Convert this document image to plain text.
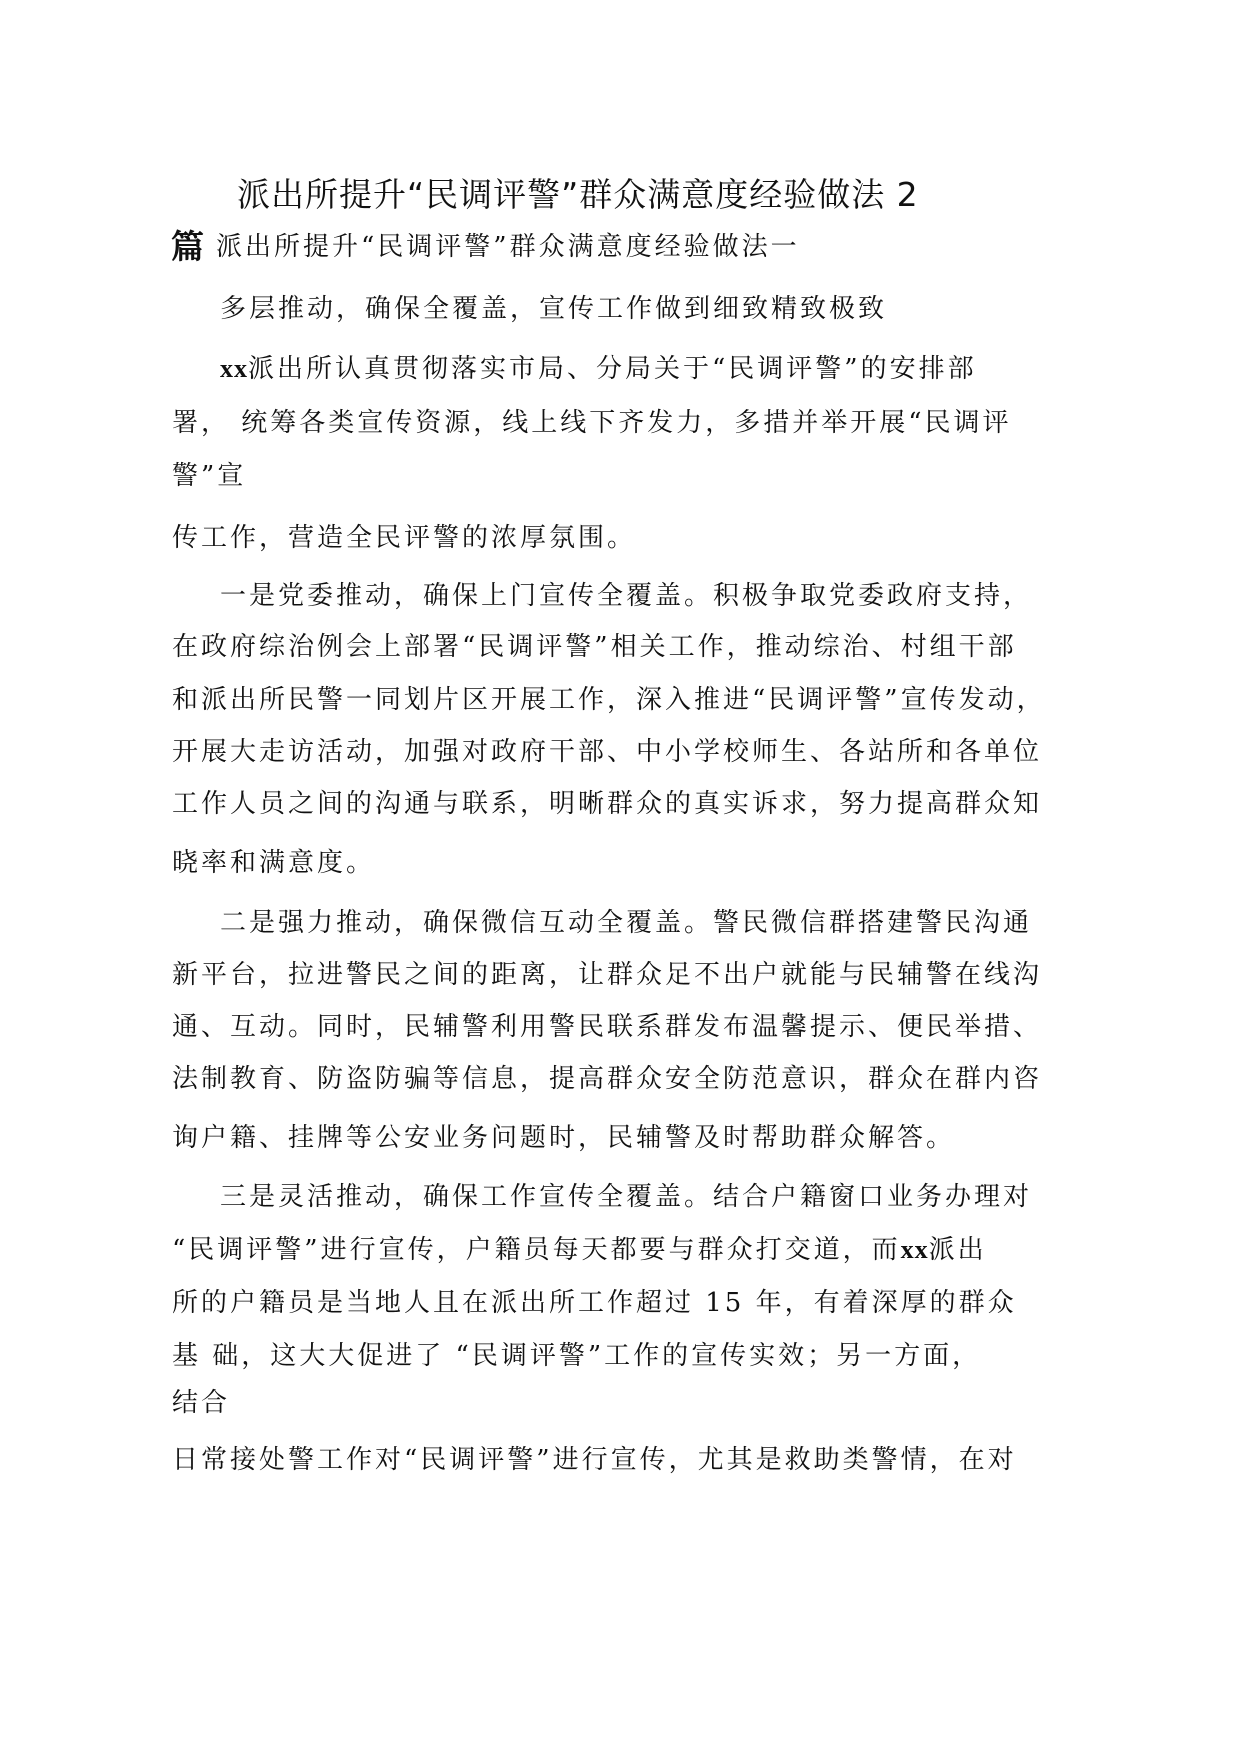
派出所提升“民调评警”群众满意度经验做法 2
篇 派出所提升“民调评警”群众满意度经验做法一
多层推动，确保全覆盖，宣传工作做到细致精致极致
xx派出所认真贯彻落实市局、分局关于“民调评警”的安排部
署， 统筹各类宣传资源，线上线下齐发力，多措并举开展“民调评
警”宣
传工作，营造全民评警的浓厚氛围。
一是党委推动，确保上门宣传全覆盖。积极争取党委政府支持，
在政府综治例会上部署“民调评警”相关工作，推动综治、村组干部
和派出所民警一同划片区开展工作，深入推进“民调评警”宣传发动，
开展大走访活动，加强对政府干部、中小学校师生、各站所和各单位
工作人员之间的沟通与联系，明晰群众的真实诉求，努力提高群众知
晓率和满意度。
二是强力推动，确保微信互动全覆盖。警民微信群搭建警民沟通
新平台，拉进警民之间的距离，让群众足不出户就能与民辅警在线沟
通、互动。同时，民辅警利用警民联系群发布温馨提示、便民举措、
法制教育、防盗防骗等信息，提高群众安全防范意识，群众在群内咨
询户籍、挂牌等公安业务问题时，民辅警及时帮助群众解答。
三是灵活推动，确保工作宣传全覆盖。结合户籍窗口业务办理对
“民调评警”进行宣传，户籍员每天都要与群众打交道，而xx派出
所的户籍员是当地人且在派出所工作超过 15 年，有着深厚的群众
基 础，这大大促进了 “民调评警”工作的宣传实效；另一方面，
结合
日常接处警工作对“民调评警”进行宣传，尤其是救助类警情，在对
